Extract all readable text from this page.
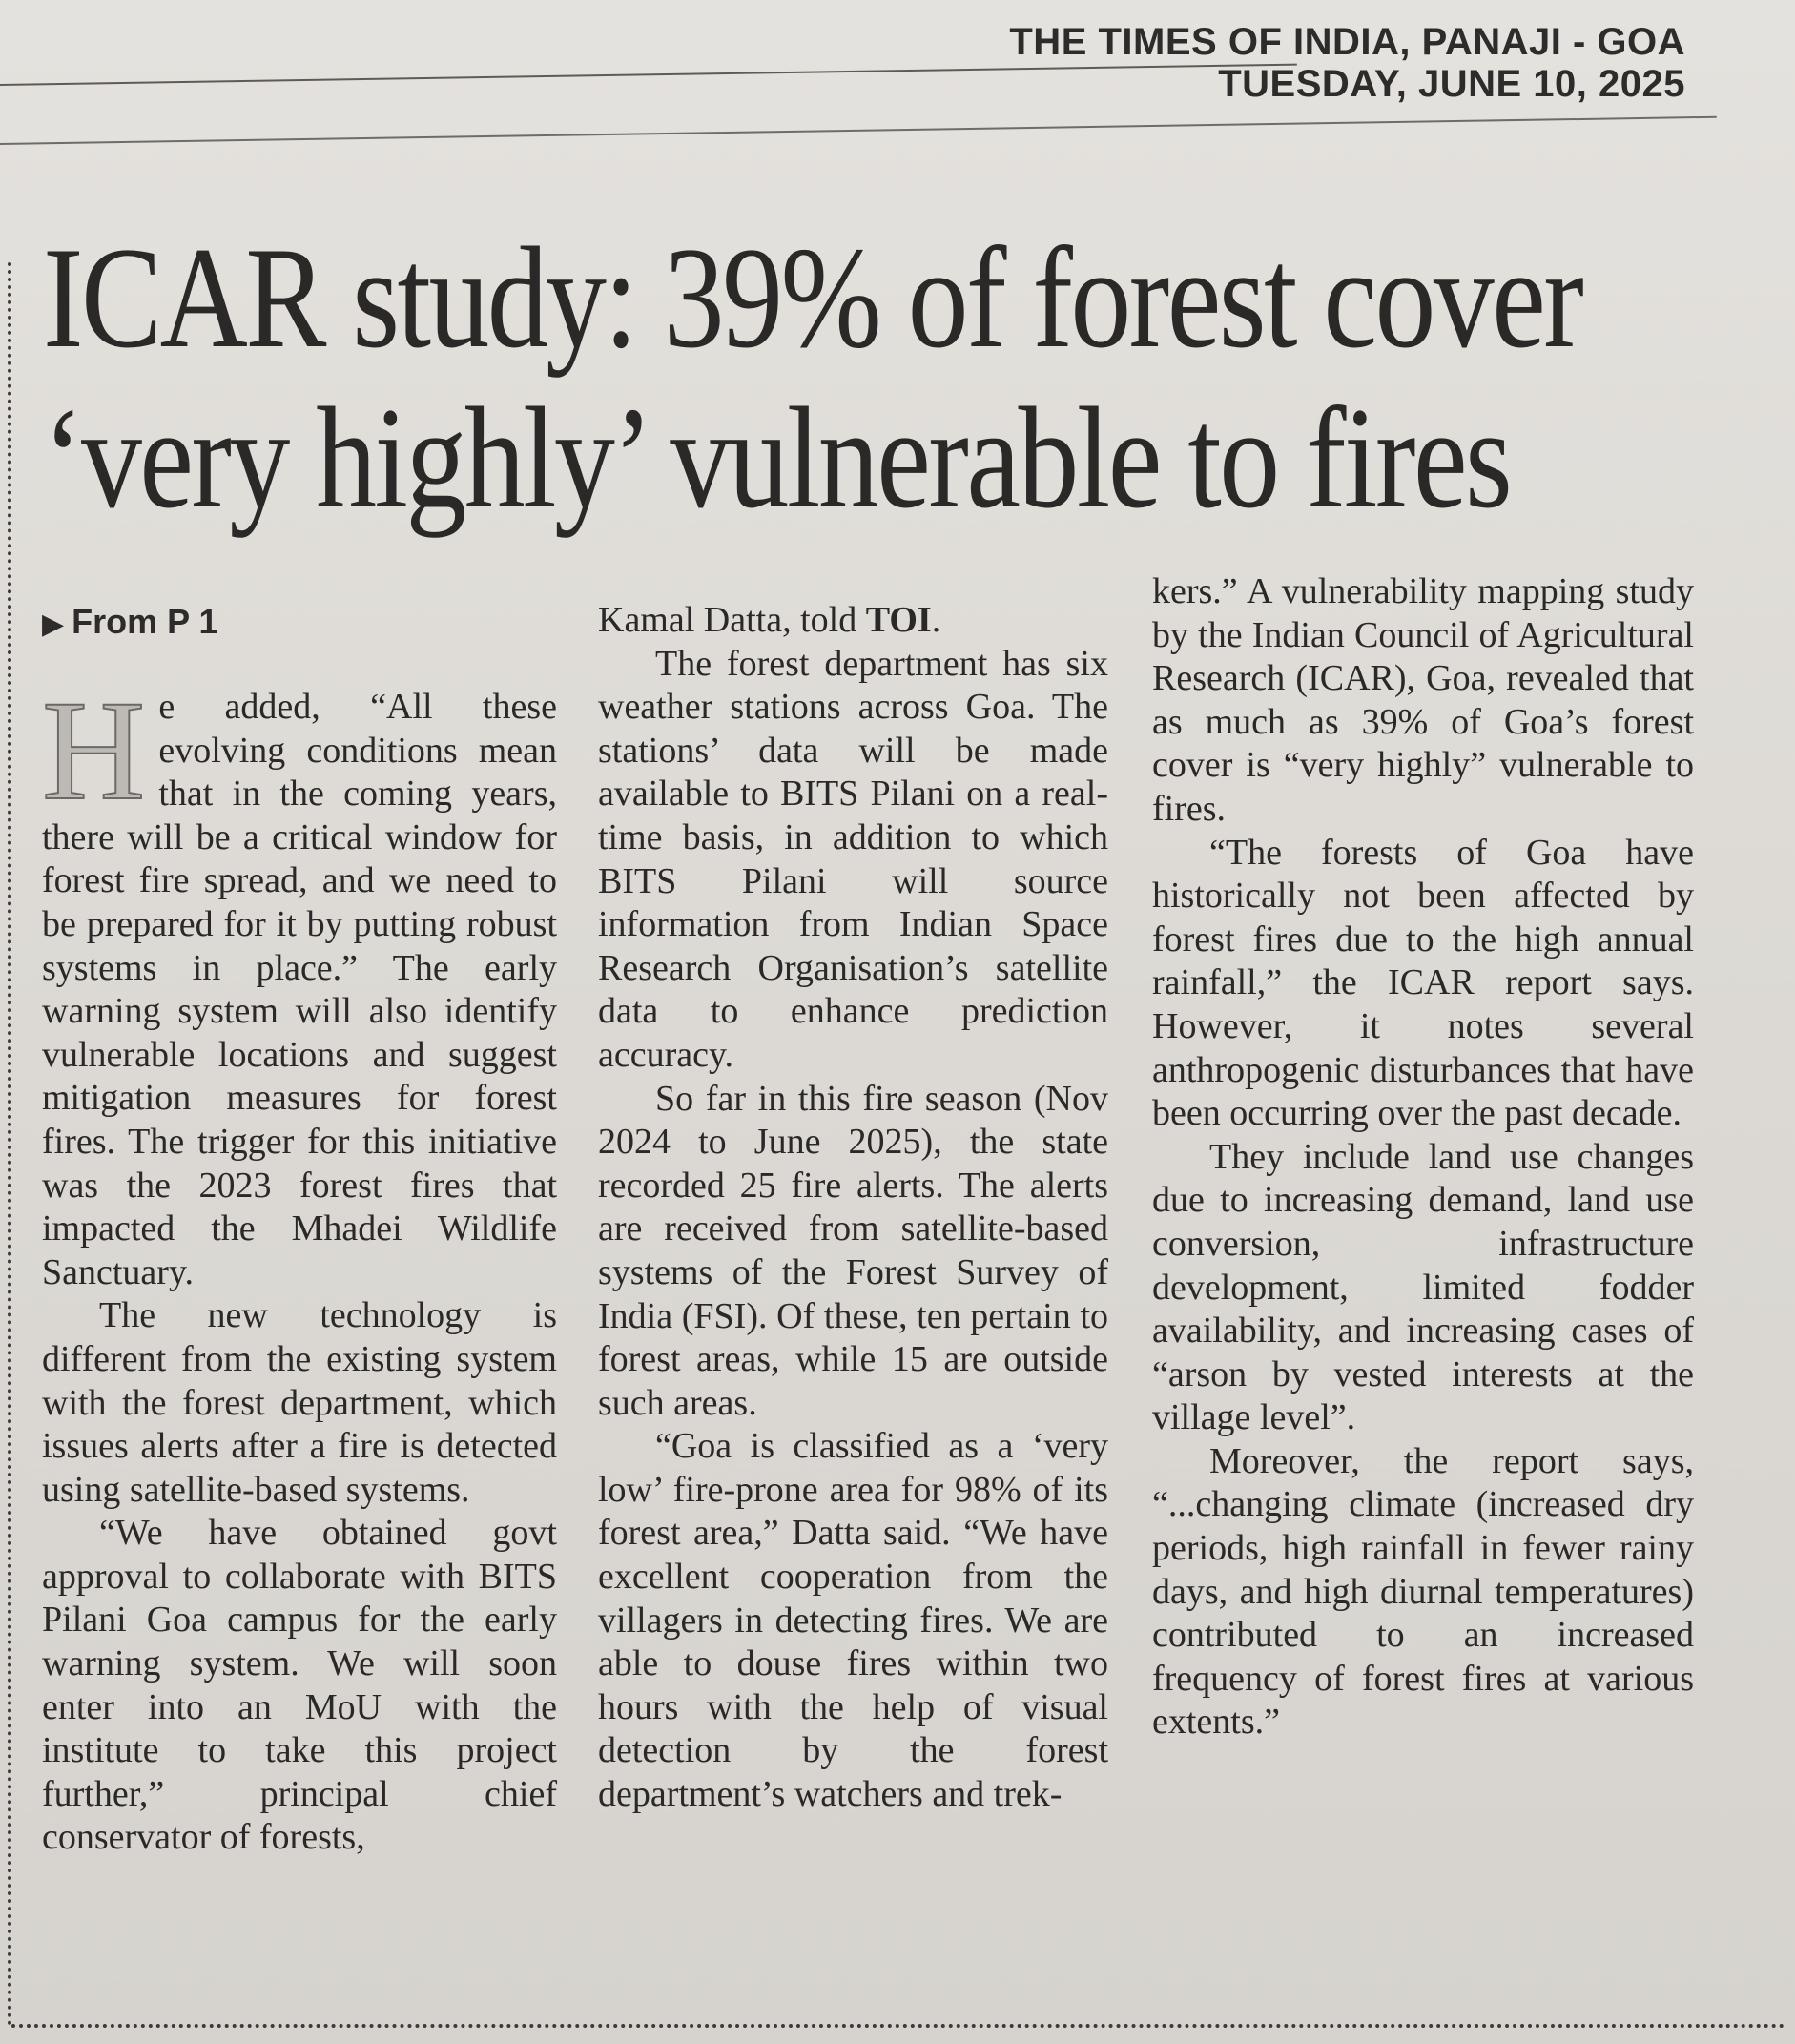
THE TIMES OF INDIA, PANAJI - GOA
TUESDAY, JUNE 10, 2025
ICAR study: 39% of forest cover
‘very highly’ vulnerable to fires

▶ From P 1

He added, “All these evolving conditions mean that in the coming years, there will be a critical window for forest fire spread, and we need to be prepared for it by putting robust systems in place.” The early warning system will also identify vulnerable locations and suggest mitigation measures for forest fires. The trigger for this initiative was the 2023 forest fires that impacted the Mhadei Wildlife Sanctuary.

The new technology is different from the existing system with the forest department, which issues alerts after a fire is detected using satellite-based systems.

“We have obtained govt approval to collaborate with BITS Pilani Goa campus for the early warning system. We will soon enter into an MoU with the institute to take this project further,” principal chief conservator of forests,

Kamal Datta, told TOI.

The forest department has six weather stations across Goa. The stations’ data will be made available to BITS Pilani on a real-time basis, in addition to which BITS Pilani will source information from Indian Space Research Organisation’s satellite data to enhance prediction accuracy.

So far in this fire season (Nov 2024 to June 2025), the state recorded 25 fire alerts. The alerts are received from satellite-based systems of the Forest Survey of India (FSI). Of these, ten pertain to forest areas, while 15 are outside such areas.

“Goa is classified as a ‘very low’ fire-prone area for 98% of its forest area,” Datta said. “We have excellent cooperation from the villagers in detecting fires. We are able to douse fires within two hours with the help of visual detection by the forest department’s watchers and trek-

kers.” A vulnerability mapping study by the Indian Council of Agricultural Research (ICAR), Goa, revealed that as much as 39% of Goa’s forest cover is “very highly” vulnerable to fires.

“The forests of Goa have historically not been affected by forest fires due to the high annual rainfall,” the ICAR report says. However, it notes several anthropogenic disturbances that have been occurring over the past decade.

They include land use changes due to increasing demand, land use conversion, infrastructure development, limited fodder availability, and increasing cases of “arson by vested interests at the village level”.

Moreover, the report says, “...changing climate (increased dry periods, high rainfall in fewer rainy days, and high diurnal temperatures) contributed to an increased frequency of forest fires at various extents.”
